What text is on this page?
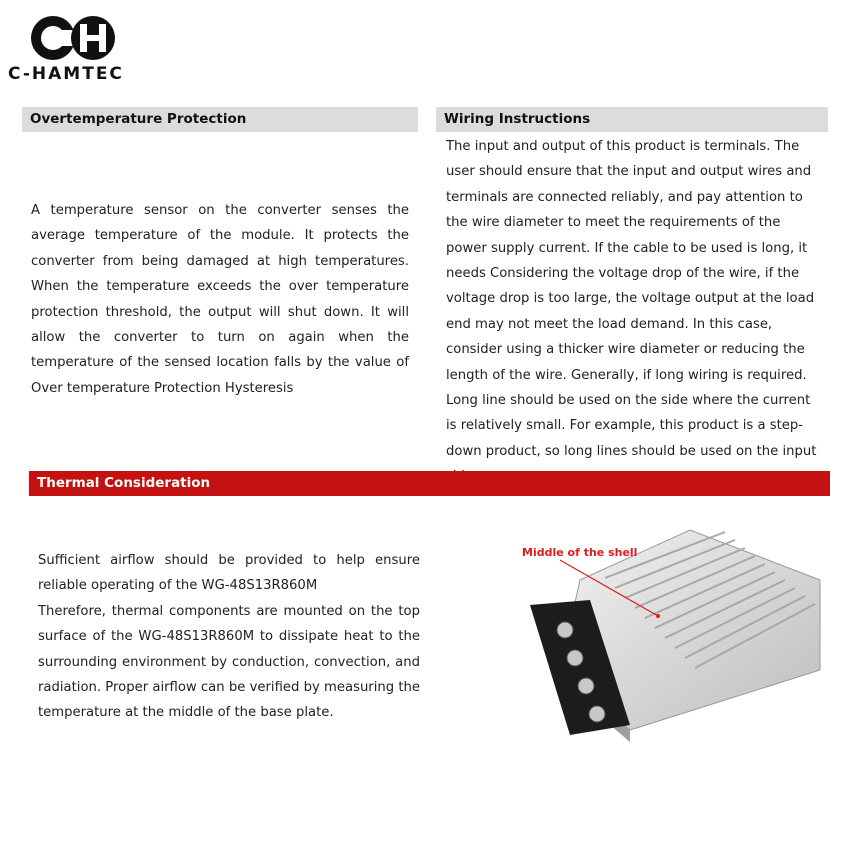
C-HAMTEC
Overtemperature Protection
A temperature sensor on the converter senses the average temperature of the module. It protects the converter from being damaged at high temperatures. When the temperature exceeds the over temperature protection threshold, the output will shut down. It will allow the converter to turn on again when the temperature of the sensed location falls by the value of Over temperature Protection Hysteresis
Wiring Instructions
The input and output of this product is terminals. The user should ensure that the input and output wires and terminals are connected reliably, and pay attention to the wire diameter to meet the requirements of the power supply current. If the cable to be used is long, it needs Considering the voltage drop of the wire, if the voltage drop is too large, the voltage output at the load end may not meet the load demand. In this case, consider using a thicker wire diameter or reducing the length of the wire. Generally, if long wiring is required. Long line should be used on the side where the current is relatively small. For example, this product is a step-down product, so long lines should be used on the input
Thermal Consideration
Sufficient airflow should be provided to help ensure reliable operating of the WG-48S13R860M
Therefore, thermal components are mounted on the top surface of the WG-48S13R860M to dissipate heat to the surrounding environment by conduction, convection, and radiation. Proper airflow can be verified by measuring the temperature at the middle of the base plate.
Middle of the shell
